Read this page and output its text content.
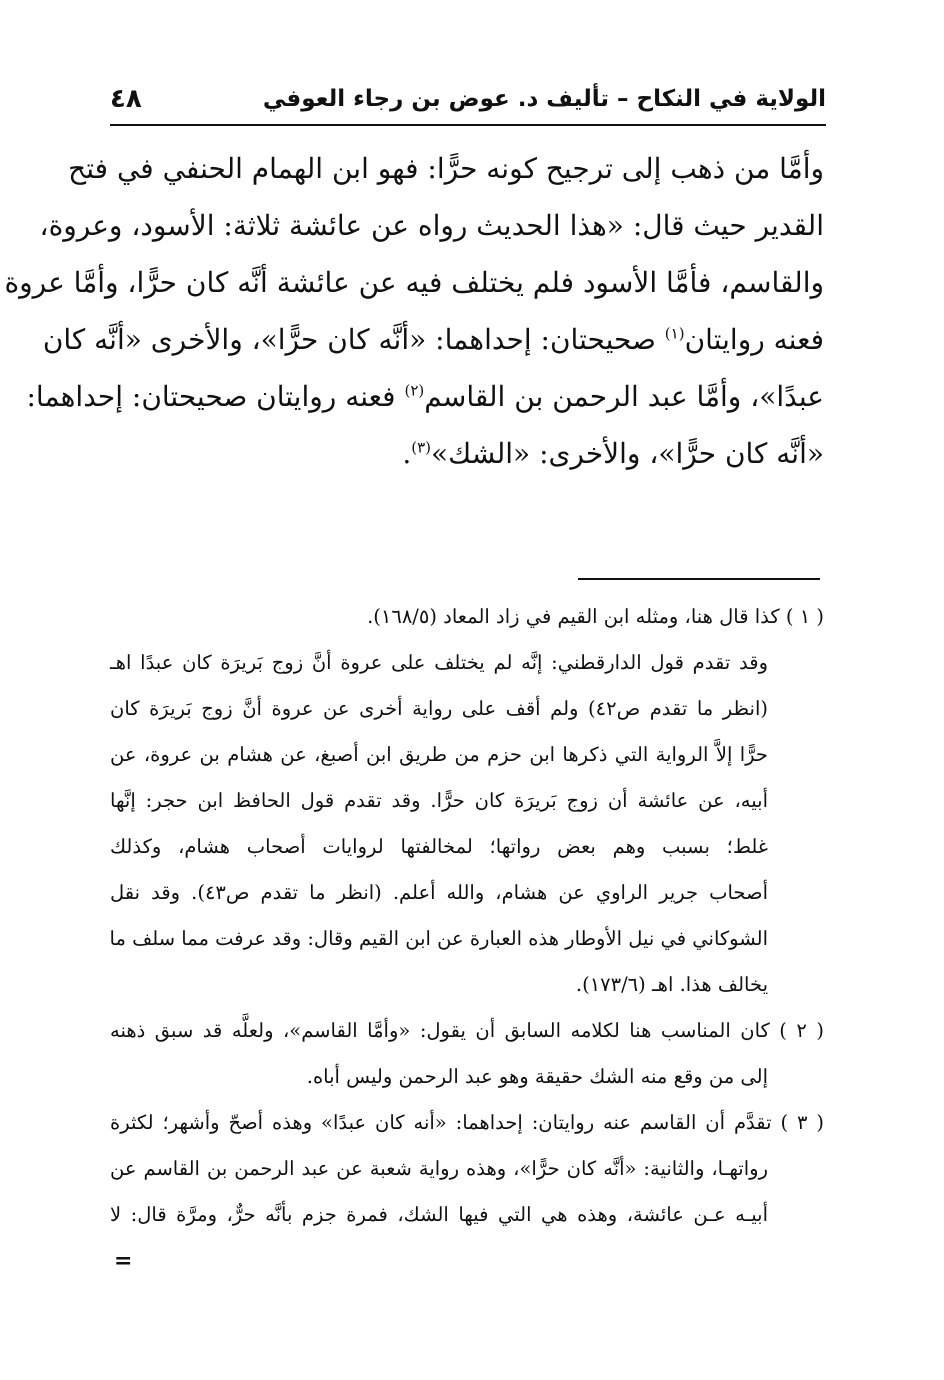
الولاية في النكاح – تأليف د. عوض بن رجاء العوفي
٤٨

وأمَّا من ذهب إلى ترجيح كونه حرًّا: فهو ابن الهمام الحنفي في فتح

القدير حيث قال: «هذا الحديث رواه عن عائشة ثلاثة: الأسود، وعروة،

والقاسم، فأمَّا الأسود فلم يختلف فيه عن عائشة أنَّه كان حرًّا، وأمَّا عروة

فعنه روايتان$^{(١)}$ صحيحتان: إحداهما: «أنَّه كان حرًّا»، والأخرى «أنَّه كان

عبدًا»، وأمَّا عبد الرحمن بن القاسم$^{(٢)}$ فعنه روايتان صحيحتان: إحداهما:

«أنَّه كان حرًّا»، والأخرى: «الشك»$^{(٣)}$.

( ١ ) كذا قال هنا، ومثله ابن القيم في زاد المعاد (١٦٨/٥).
وقد تقدم قول الدارقطني: إنَّه لم يختلف على عروة أنَّ زوج بَريرَة كان عبدًا اهـ
(انظر ما تقدم ص٤٢) ولم أقف على رواية أخرى عن عروة أنَّ زوج بَريرَة كان
حرًّا إلاَّ الرواية التي ذكرها ابن حزم من طريق ابن أصبغ، عن هشام بن عروة، عن
أبيه، عن عائشة أن زوج بَريرَة كان حرًّا. وقد تقدم قول الحافظ ابن حجر: إنَّها
غلط؛ بسبب وهم بعض رواتها؛ لمخالفتها لروايات أصحاب هشام، وكذلك
أصحاب جرير الراوي عن هشام، والله أعلم. (انظر ما تقدم ص٤٣). وقد نقل
الشوكاني في نيل الأوطار هذه العبارة عن ابن القيم وقال: وقد عرفت مما سلف ما
يخالف هذا. اهـ (١٧٣/٦).
( ٢ ) كان المناسب هنا لكلامه السابق أن يقول: «وأمَّا القاسم»، ولعلَّه قد سبق ذهنه
إلى من وقع منه الشك حقيقة وهو عبد الرحمن وليس أباه.
( ٣ ) تقدَّم أن القاسم عنه روايتان: إحداهما: «أنه كان عبدًا» وهذه أصحّ وأشهر؛ لكثرة
رواتهـا، والثانية: «أنَّه كان حرًّا»، وهذه رواية شعبة عن عبد الرحمن بن القاسم عن
أبيـه عـن عائشة، وهذه هي التي فيها الشك، فمرة جزم بأنَّه حرٌّ، ومرَّة قال: لا
=
